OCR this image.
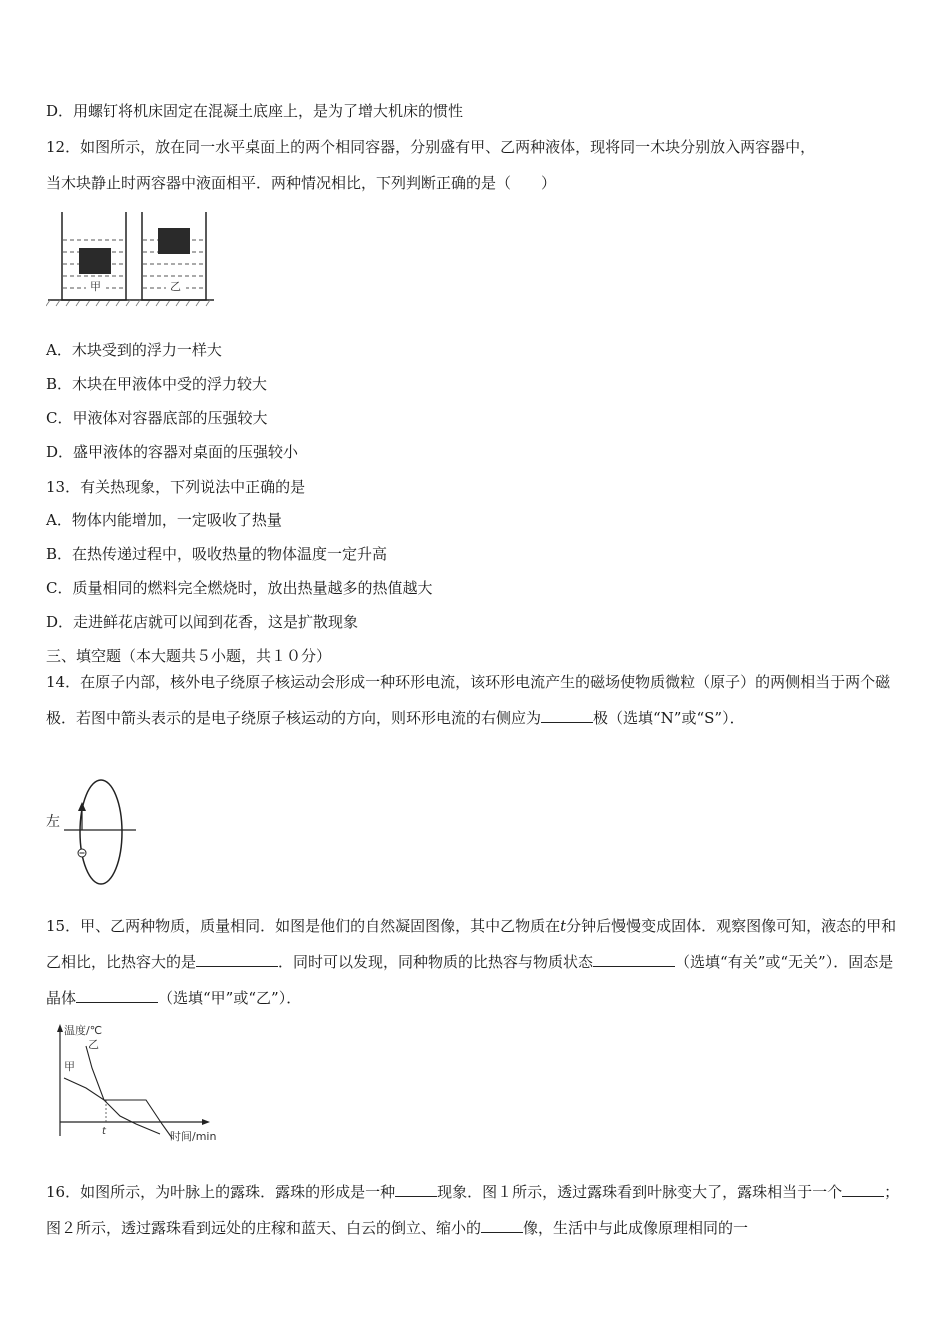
D．用螺钉将机床固定在混凝土底座上，是为了增大机床的惯性
12．如图所示，放在同一水平桌面上的两个相同容器，分别盛有甲、乙两种液体，现将同一木块分别放入两容器中，
当木块静止时两容器中液面相平．两种情况相比，下列判断正确的是（　　）
甲	乙
A．木块受到的浮力一样大
B．木块在甲液体中受的浮力较大
C．甲液体对容器底部的压强较大
D．盛甲液体的容器对桌面的压强较小
13．有关热现象，下列说法中正确的是
A．物体内能增加，一定吸收了热量
B．在热传递过程中，吸收热量的物体温度一定升高
C．质量相同的燃料完全燃烧时，放出热量越多的热值越大
D．走进鲜花店就可以闻到花香，这是扩散现象
三、填空题（本大题共５小题，共１０分）
14．在原子内部，核外电子绕原子核运动会形成一种环形电流，该环形电流产生的磁场使物质微粒（原子）的两侧相当于两个磁极．若图中箭头表示的是电子绕原子核运动的方向，则环形电流的右侧应为	极（选填“N”或“S”）．
左
15．甲、乙两种物质，质量相同．如图是他们的自然凝固图像，其中乙物质在t分钟后慢慢变成固体．观察图像可知，液态的甲和乙相比，比热容大的是	．同时可以发现，同种物质的比热容与物质状态	（选填“有关”或“无关”）．固态是晶体	（选填“甲”或“乙”）．
温度/℃
时间/min
乙
甲
t
16．如图所示，为叶脉上的露珠．露珠的形成是一种	现象．图１所示，透过露珠看到叶脉变大了，露珠相当于一个	；图２所示，透过露珠看到远处的庄稼和蓝天、白云的倒立、缩小的	像，生活中与此成像原理相同的一
